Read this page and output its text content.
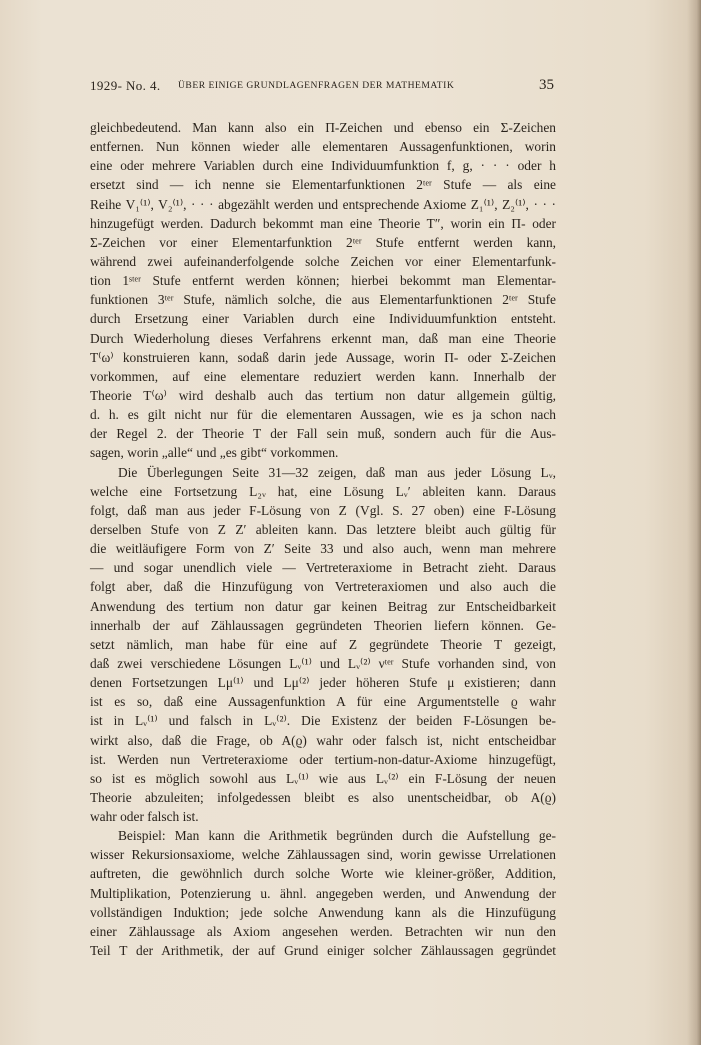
1929- No. 4. ÜBER EINIGE GRUNDLAGENFRAGEN DER MATHEMATIK	35
gleichbedeutend. Man kann also ein Π-Zeichen und ebenso ein Σ-Zeichen
entfernen. Nun können wieder alle elementaren Aussagenfunktionen, worin
eine oder mehrere Variablen durch eine Individuumfunktion f, g, · · · oder h
ersetzt sind — ich nenne sie Elementarfunktionen 2ᵗᵉʳ Stufe — als eine
Reihe V₁⁽¹⁾, V₂⁽¹⁾, · · · abgezählt werden und entsprechende Axiome Z₁⁽¹⁾, Z₂⁽¹⁾, · · ·
hinzugefügt werden. Dadurch bekommt man eine Theorie T″, worin ein Π- oder
Σ-Zeichen vor einer Elementarfunktion 2ᵗᵉʳ Stufe entfernt werden kann,
während zwei aufeinanderfolgende solche Zeichen vor einer Elementarfunk-
tion 1ˢᵗᵉʳ Stufe entfernt werden können; hierbei bekommt man Elementar-
funktionen 3ᵗᵉʳ Stufe, nämlich solche, die aus Elementarfunktionen 2ᵗᵉʳ Stufe
durch Ersetzung einer Variablen durch eine Individuumfunktion entsteht.
Durch Wiederholung dieses Verfahrens erkennt man, daß man eine Theorie
T⁽ω⁾ konstruieren kann, sodaß darin jede Aussage, worin Π- oder Σ-Zeichen
vorkommen, auf eine elementare reduziert werden kann. Innerhalb der
Theorie T⁽ω⁾ wird deshalb auch das tertium non datur allgemein gültig,
d. h. es gilt nicht nur für die elementaren Aussagen, wie es ja schon nach
der Regel 2. der Theorie T der Fall sein muß, sondern auch für die Aus-
sagen, worin „alle“ und „es gibt“ vorkommen.
Die Überlegungen Seite 31—32 zeigen, daß man aus jeder Lösung Lᵥ,
welche eine Fortsetzung L₂ᵥ hat, eine Lösung Lᵥ′ ableiten kann. Daraus
folgt, daß man aus jeder F-Lösung von Z (Vgl. S. 27 oben) eine F-Lösung
derselben Stufe von Z Z′ ableiten kann. Das letztere bleibt auch gültig für
die weitläufigere Form von Z′ Seite 33 und also auch, wenn man mehrere
— und sogar unendlich viele — Vertreteraxiome in Betracht zieht. Daraus
folgt aber, daß die Hinzufügung von Vertreteraxiomen und also auch die
Anwendung des tertium non datur gar keinen Beitrag zur Entscheidbarkeit
innerhalb der auf Zählaussagen gegründeten Theorien liefern können. Ge-
setzt nämlich, man habe für eine auf Z gegründete Theorie T gezeigt,
daß zwei verschiedene Lösungen Lᵥ⁽¹⁾ und Lᵥ⁽²⁾ νᵗᵉʳ Stufe vorhanden sind, von
denen Fortsetzungen Lμ⁽¹⁾ und Lμ⁽²⁾ jeder höheren Stufe μ existieren; dann
ist es so, daß eine Aussagenfunktion A für eine Argumentstelle ϱ wahr
ist in Lᵥ⁽¹⁾ und falsch in Lᵥ⁽²⁾. Die Existenz der beiden F-Lösungen be-
wirkt also, daß die Frage, ob A(ϱ) wahr oder falsch ist, nicht entscheidbar
ist. Werden nun Vertreteraxiome oder tertium-non-datur-Axiome hinzugefügt,
so ist es möglich sowohl aus Lᵥ⁽¹⁾ wie aus Lᵥ⁽²⁾ ein F-Lösung der neuen
Theorie abzuleiten; infolgedessen bleibt es also unentscheidbar, ob A(ϱ)
wahr oder falsch ist.
Beispiel: Man kann die Arithmetik begründen durch die Aufstellung ge-
wisser Rekursionsaxiome, welche Zählaussagen sind, worin gewisse Urrelationen
auftreten, die gewöhnlich durch solche Worte wie kleiner-größer, Addition,
Multiplikation, Potenzierung u. ähnl. angegeben werden, und Anwendung der
vollständigen Induktion; jede solche Anwendung kann als die Hinzufügung
einer Zählaussage als Axiom angesehen werden. Betrachten wir nun den
Teil T der Arithmetik, der auf Grund einiger solcher Zählaussagen gegründet
